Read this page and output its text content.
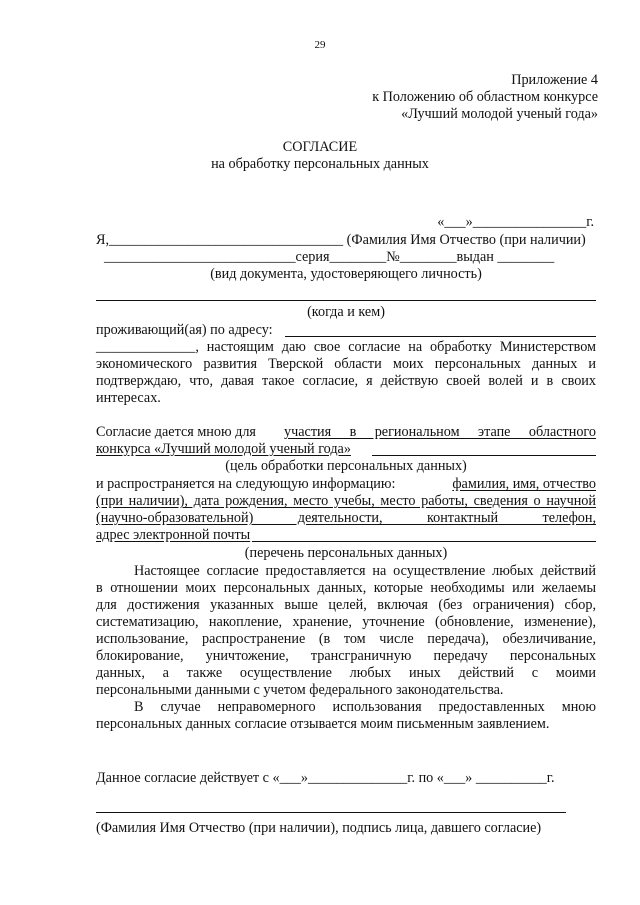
29
Приложение 4
к Положению об областном конкурсе
«Лучший молодой ученый года»
СОГЛАСИЕ
на обработку персональных данных
«___»________________г.
Я,_________________________________ (Фамилия Имя Отчество (при наличии)
___________________________серия________№________выдан ________
(вид документа, удостоверяющего личность)
(когда и кем)
проживающий(ая) по адресу:
______________, настоящим даю свое согласие на обработку Министерством
экономического развития Тверской области моих персональных данных и
подтверждаю, что, давая такое согласие, я действую своей волей и в своих
интересах.
Согласие дается мною для участия в региональном этапе областного
конкурса «Лучший молодой ученый года»
(цель обработки персональных данных)
и распространяется на следующую информацию:	фамилия, имя, отчество
(при наличии), дата рождения, место учебы, место работы, сведения о научной
(научно-образовательной) деятельности, контактный телефон,
адрес электронной почты
(перечень персональных данных)
Настоящее согласие предоставляется на осуществление любых действий
в отношении моих персональных данных, которые необходимы или желаемы
для достижения указанных выше целей, включая (без ограничения) сбор,
систематизацию, накопление, хранение, уточнение (обновление, изменение),
использование, распространение (в том числе передача), обезличивание,
блокирование, уничтожение, трансграничную передачу персональных
данных, а также осуществление любых иных действий с моими
персональными данными с учетом федерального законодательства.
В случае неправомерного использования предоставленных мною
персональных данных согласие отзывается моим письменным заявлением.
Данное согласие действует с «___»______________г. по «___» __________г.
(Фамилия Имя Отчество (при наличии), подпись лица, давшего согласие)
